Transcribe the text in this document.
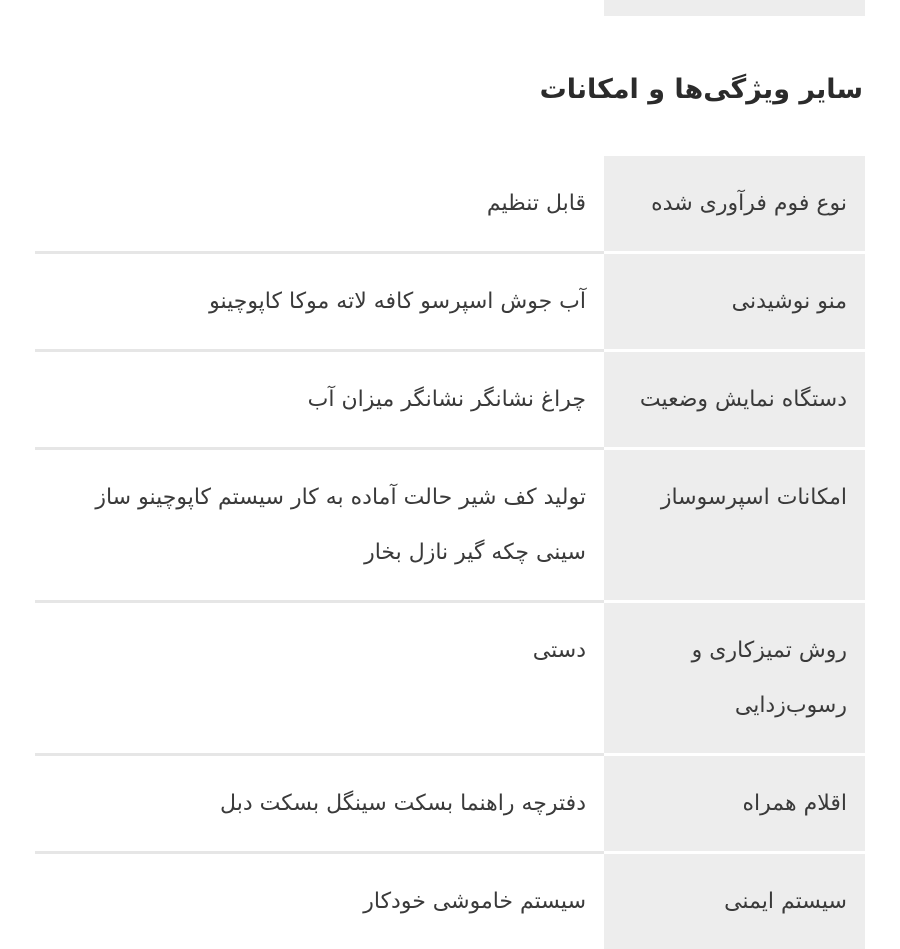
سایر ویژگی‌ها و امکانات
نوع فوم فرآوری شده
قابل تنظیم
منو نوشیدنی
آب جوش اسپرسو کافه لاته موکا کاپوچینو
دستگاه نمایش وضعیت
چراغ نشانگر نشانگر میزان آب
امکانات اسپرسوساز
تولید کف شیر حالت آماده به کار سیستم کاپوچینو ساز سینی چکه گیر نازل بخار
روش تمیزکاری و رسوب‌زدایی
دستی
اقلام همراه
دفترچه راهنما بسکت سینگل بسکت دبل
سیستم ایمنی
سیستم خاموشی خودکار
